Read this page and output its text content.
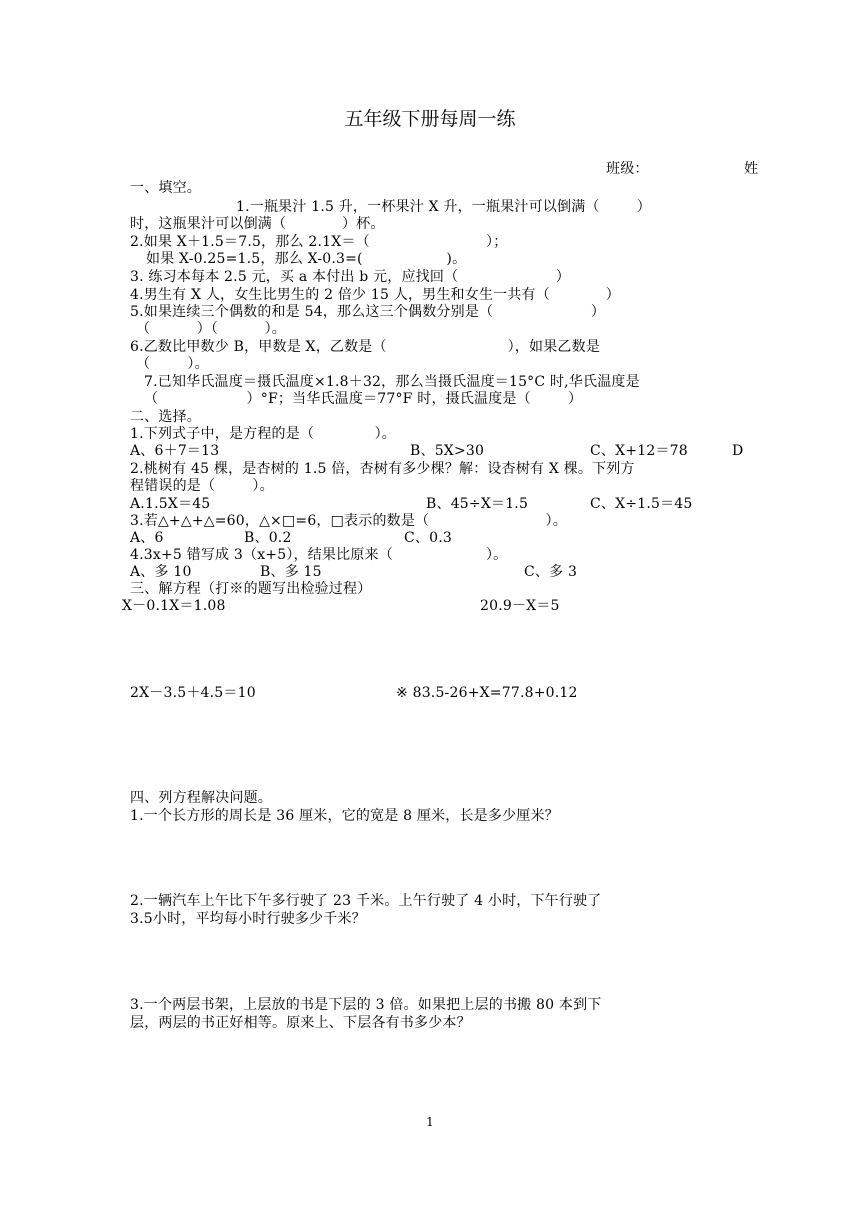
五年级下册每周一练
班级：	姓
一、填空。
1.一瓶果汁 1.5 升，一杯果汁 X 升，一瓶果汁可以倒满（        ）
时，这瓶果汁可以倒满（            ）杯。
2.如果 X＋1.5＝7.5，那么 2.1X＝（                         ）；
如果 X-0.25=1.5，那么 X-0.3=(                  )。
3. 练习本每本 2.5 元，买 a 本付出 b 元，应找回（                     ）
4.男生有 X 人，女生比男生的 2 倍少 15 人，男生和女生一共有（            ）
5.如果连续三个偶数的和是 54，那么这三个偶数分别是（                     ）
（          ）（          ）。
6.乙数比甲数少 B，甲数是 X，乙数是（                          ），如果乙数是
（        ）。
7.已知华氏温度＝摄氏温度×1.8＋32，那么当摄氏温度＝15°C 时,华氏温度是
（                   ）°F；当华氏温度＝77°F 时，摄氏温度是（        ）
二、选择。
1.下列式子中，是方程的是（             ）。
A、6＋7＝13	B、5X>30	C、X+12＝78	D
2.桃树有 45 棵，是杏树的 1.5 倍，杏树有多少棵？解：设杏树有 X 棵。下列方
程错误的是（        ）。
A.1.5X＝45	B、45÷X＝1.5	C、X÷1.5＝45
3.若△+△+△=60，△×□=6，□表示的数是（                         ）。
A、6	B、0.2	C、0.3
4.3x+5 错写成 3（x+5），结果比原来（                    ）。
A、多 10	B、多 15	C、多 3
三、解方程（打※的题写出检验过程）
X－0.1X＝1.08	20.9－X＝5
2X－3.5＋4.5＝10	※ 83.5-26+X=77.8+0.12
四、列方程解决问题。
1.一个长方形的周长是 36 厘米，它的宽是 8 厘米，长是多少厘米？
2.一辆汽车上午比下午多行驶了 23 千米。上午行驶了 4 小时，下午行驶了
3.5小时，平均每小时行驶多少千米？
3.一个两层书架，上层放的书是下层的 3 倍。如果把上层的书搬 80 本到下
层，两层的书正好相等。原来上、下层各有书多少本？
1
